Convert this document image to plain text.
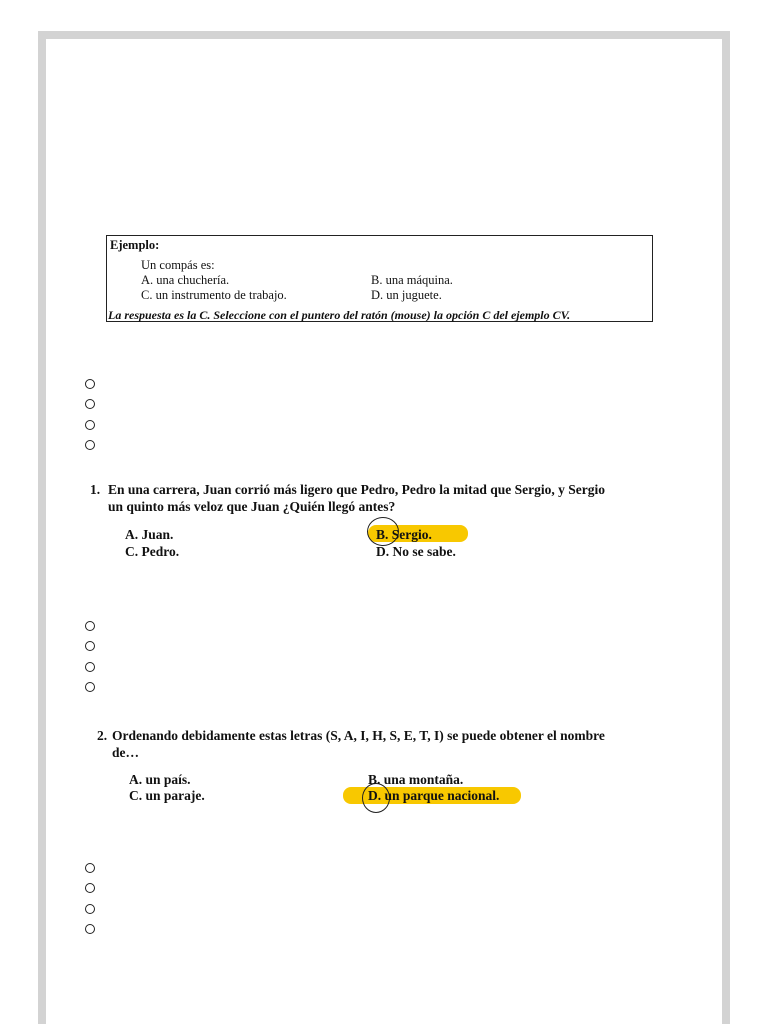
Ejemplo:
Un compás es:
A. una chuchería.	B. una máquina.
C. un instrumento de trabajo.	D. un juguete.
La respuesta es la C. Seleccione con el puntero del ratón (mouse) la opción C del ejemplo CV.
1. En una carrera, Juan corrió más ligero que Pedro, Pedro la mitad que Sergio, y Sergio
un quinto más veloz que Juan ¿Quién llegó antes?
A. Juan.	B. Sergio.
C. Pedro.	D. No se sabe.
2. Ordenando debidamente estas letras (S, A, I, H, S, E, T, I) se puede obtener el nombre
de…
A. un país.	B. una montaña.
C. un paraje.	D. un parque nacional.
